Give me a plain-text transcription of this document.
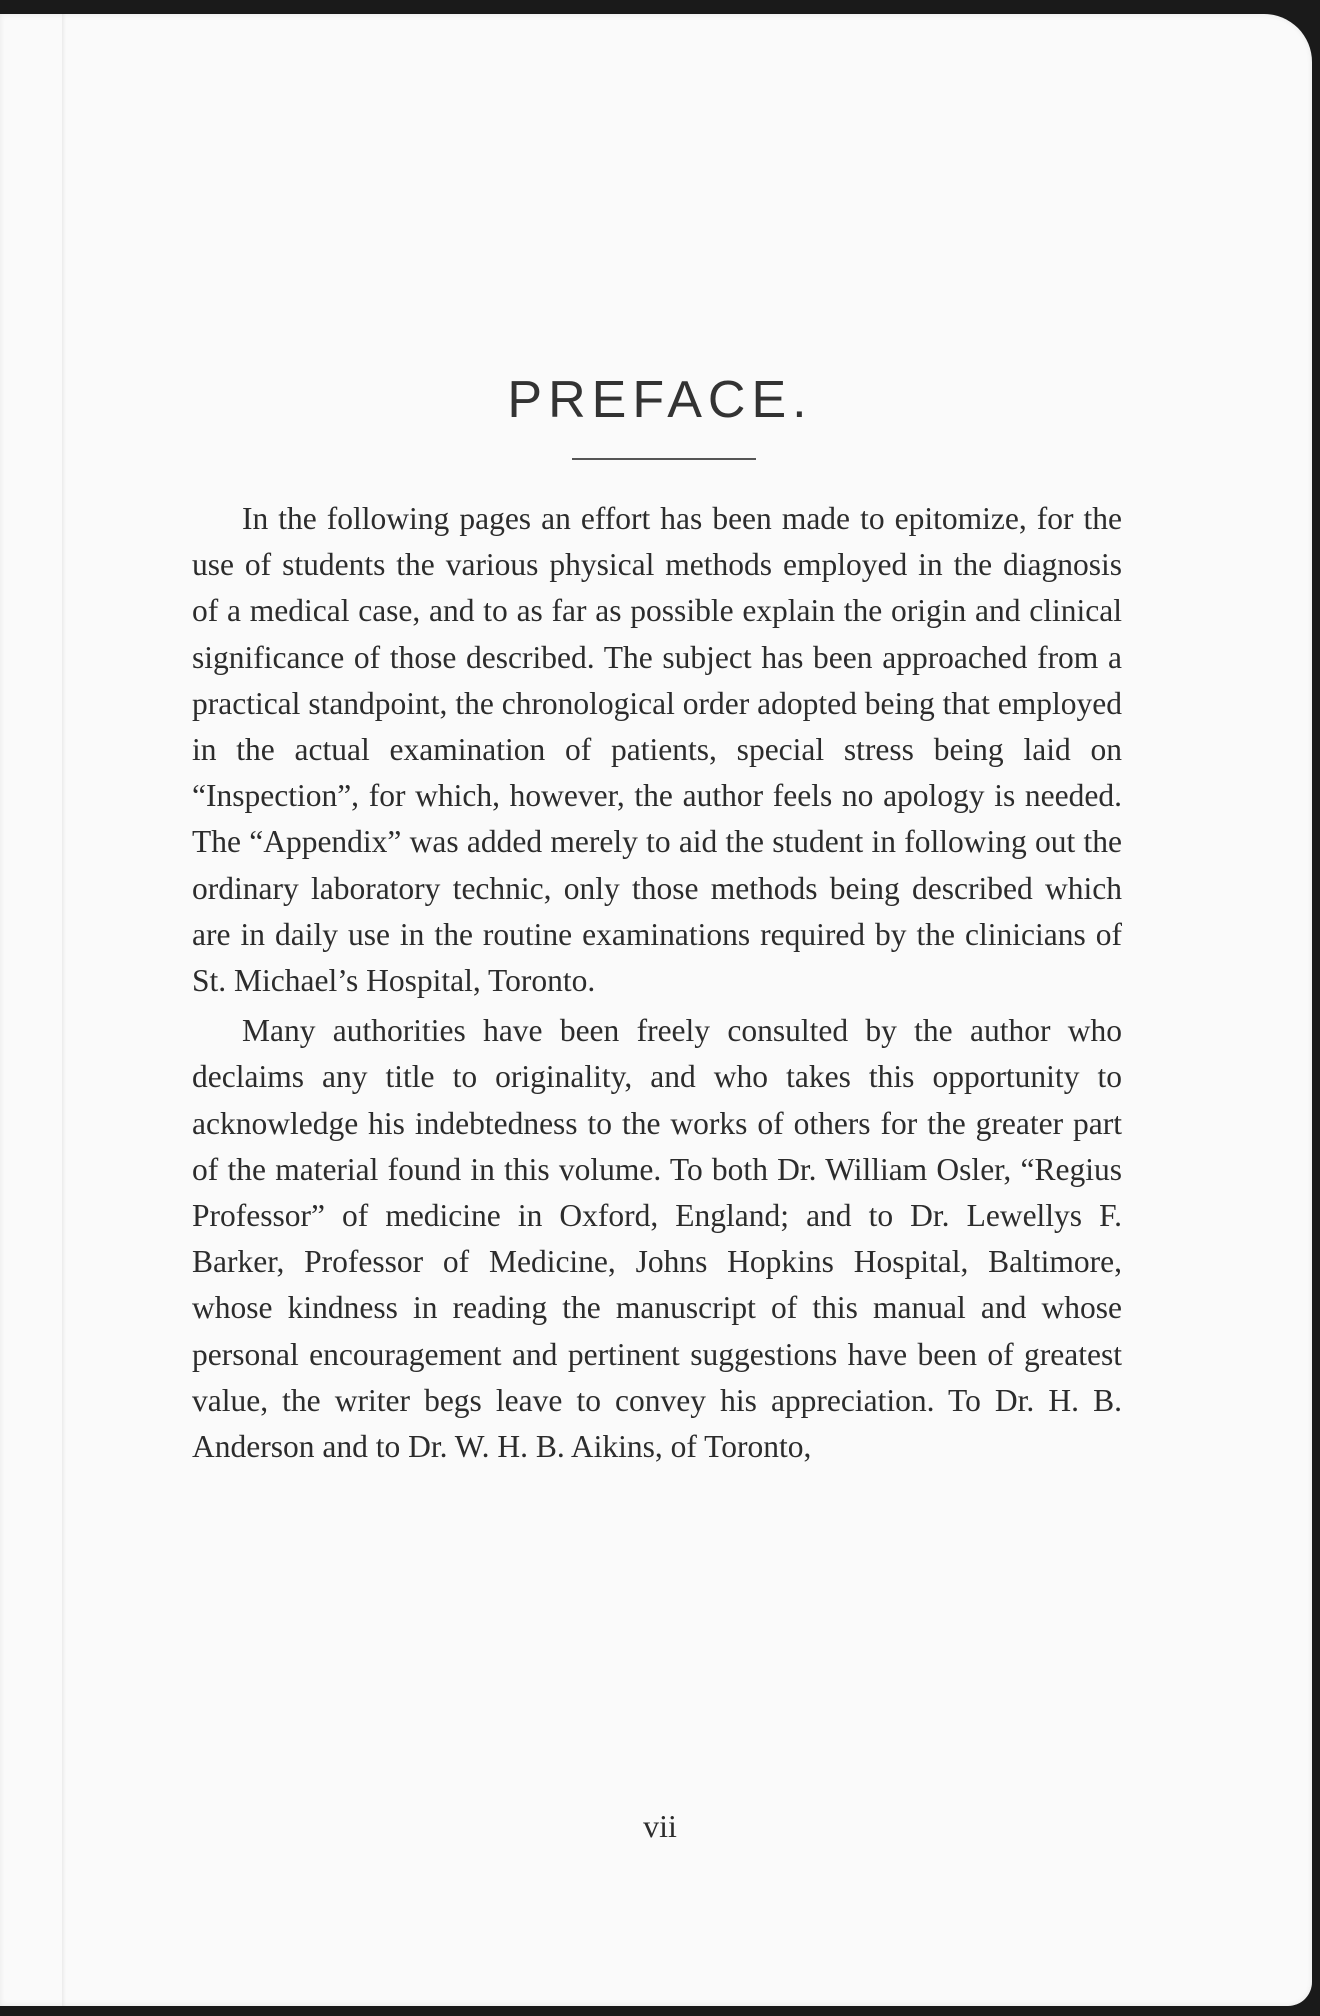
PREFACE.

In the following pages an effort has been made to epitomize, for the use of students the various physical methods employed in the diagnosis of a medical case, and to as far as possible explain the origin and clinical significance of those described. The subject has been approached from a practical standpoint, the chronological order adopted being that employed in the actual examination of patients, special stress being laid on “Inspection”, for which, however, the author feels no apology is needed. The “Appendix” was added merely to aid the student in following out the ordinary laboratory technic, only those methods being described which are in daily use in the routine examinations required by the clinicians of St. Michael’s Hospital, Toronto.

Many authorities have been freely consulted by the author who declaims any title to originality, and who takes this opportunity to acknowledge his indebtedness to the works of others for the greater part of the material found in this volume. To both Dr. William Osler, “Regius Professor” of medicine in Oxford, England; and to Dr. Lewellys F. Barker, Professor of Medicine, Johns Hopkins Hospital, Baltimore, whose kindness in reading the manuscript of this manual and whose personal encouragement and pertinent suggestions have been of greatest value, the writer begs leave to convey his appreciation. To Dr. H. B. Anderson and to Dr. W. H. B. Aikins, of Toronto,

vii
